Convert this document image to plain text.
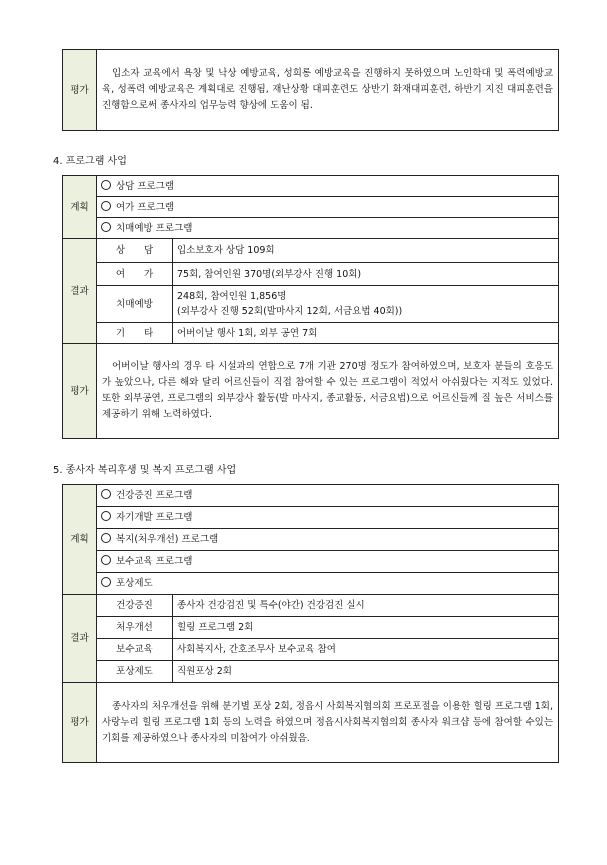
평가	입소자 교육에서 욕창 및 낙상 예방교육, 성희롱 예방교육을 진행하지 못하였으며 노인학대 및 폭력예방교육, 성폭력 예방교육은 계획대로 진행됨, 재난상황 대피훈련도 상반기 화재대피훈련, 하반기 지진 대피훈련을 진행함으로써 종사자의 업무능력 향상에 도움이 됨.
4. 프로그램 사업
계획	상담 프로그램	
	여가 프로그램	
	치매예방 프로그램	
결과	상　　담	입소보호자 상담 109회
	여　　가	75회, 참여인원 370명(외부강사 진행 10회)
	치매예방	248회, 참여인원 1,856명
(외부강사 진행 52회(발마사지 12회, 서금요법 40회))

	기　　타	어버이날 행사 1회, 외부 공연 7회
평가	어버이날 행사의 경우 타 시설과의 연합으로 7개 기관 270명 정도가 참여하였으며, 보호자 분들의 호응도가 높았으나, 다른 해와 달리 어르신들이 직접 참여할 수 있는 프로그램이 적었서 아쉬웠다는 지적도 있었다. 또한 외부공연, 프로그램의 외부강사 활동(발 마사지, 종교활동, 서금요법)으로 어르신들께 질 높은 서비스를 제공하기 위해 노력하였다.	
5. 종사자 복리후생 및 복지 프로그램 사업
계획	건강증진 프로그램	
	자기개발 프로그램	
	복지(처우개선) 프로그램	
	보수교육 프로그램	
	포상제도	
결과	건강증진	종사자 건강검진 및 특수(야간) 건강검진 실시
	처우개선	힐링 프로그램 2회
	보수교육	사회복지사, 간호조무사 보수교육 참여
	포상제도	직원포상 2회
평가	종사자의 처우개선을 위해 분기별 포상 2회, 정읍시 사회복지협의회 프로포절을 이용한 힐링 프로그램 1회, 사랑누리 힐링 프로그램 1회 등의 노력을 하였으며 정읍시사회복지협의회 종사자 워크샵 등에 참여할 수있는 기회를 제공하였으나 종사자의 미참여가 아쉬웠음.	
